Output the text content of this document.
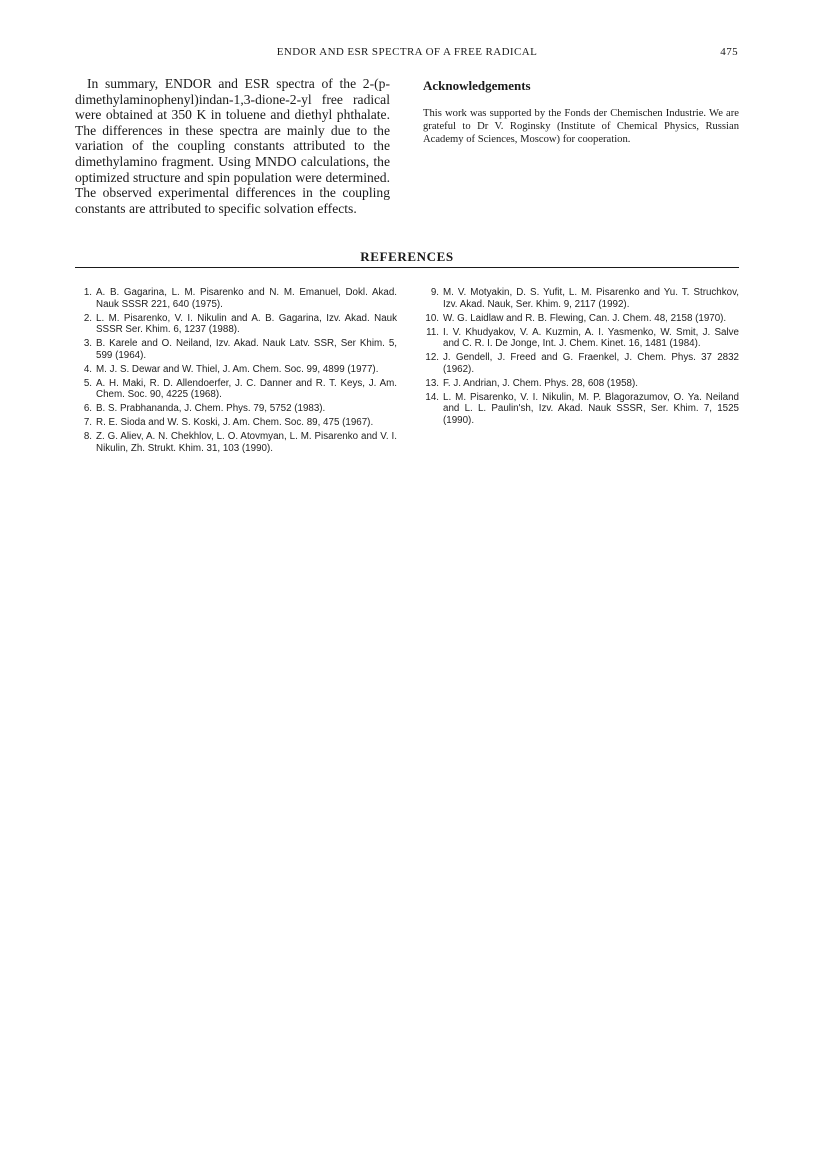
ENDOR AND ESR SPECTRA OF A FREE RADICAL	475

In summary, ENDOR and ESR spectra of the 2-(p-dimethylaminophenyl)indan-1,3-dione-2-yl free radical were obtained at 350 K in toluene and diethyl phthalate. The differences in these spectra are mainly due to the variation of the coupling constants attributed to the dimethylamino fragment. Using MNDO calculations, the optimized structure and spin population were determined. The observed experimental differences in the coupling constants are attributed to specific solvation effects.

Acknowledgements

This work was supported by the Fonds der Chemischen Industrie. We are grateful to Dr V. Roginsky (Institute of Chemical Physics, Russian Academy of Sciences, Moscow) for cooperation.

REFERENCES
1. A. B. Gagarina, L. M. Pisarenko and N. M. Emanuel, Dokl. Akad. Nauk SSSR 221, 640 (1975).
2. L. M. Pisarenko, V. I. Nikulin and A. B. Gagarina, Izv. Akad. Nauk SSSR Ser. Khim. 6, 1237 (1988).
3. B. Karele and O. Neiland, Izv. Akad. Nauk Latv. SSR, Ser Khim. 5, 599 (1964).
4. M. J. S. Dewar and W. Thiel, J. Am. Chem. Soc. 99, 4899 (1977).
5. A. H. Maki, R. D. Allendoerfer, J. C. Danner and R. T. Keys, J. Am. Chem. Soc. 90, 4225 (1968).
6. B. S. Prabhananda, J. Chem. Phys. 79, 5752 (1983).
7. R. E. Sioda and W. S. Koski, J. Am. Chem. Soc. 89, 475 (1967).
8. Z. G. Aliev, A. N. Chekhlov, L. O. Atovmyan, L. M. Pisarenko and V. I. Nikulin, Zh. Strukt. Khim. 31, 103 (1990).
9. M. V. Motyakin, D. S. Yufit, L. M. Pisarenko and Yu. T. Struchkov, Izv. Akad. Nauk, Ser. Khim. 9, 2117 (1992).
10. W. G. Laidlaw and R. B. Flewing, Can. J. Chem. 48, 2158 (1970).
11. I. V. Khudyakov, V. A. Kuzmin, A. I. Yasmenko, W. Smit, J. Salve and C. R. I. De Jonge, Int. J. Chem. Kinet. 16, 1481 (1984).
12. J. Gendell, J. Freed and G. Fraenkel, J. Chem. Phys. 37 2832 (1962).
13. F. J. Andrian, J. Chem. Phys. 28, 608 (1958).
14. L. M. Pisarenko, V. I. Nikulin, M. P. Blagorazumov, O. Ya. Neiland and L. L. Paulin'sh, Izv. Akad. Nauk SSSR, Ser. Khim. 7, 1525 (1990).
